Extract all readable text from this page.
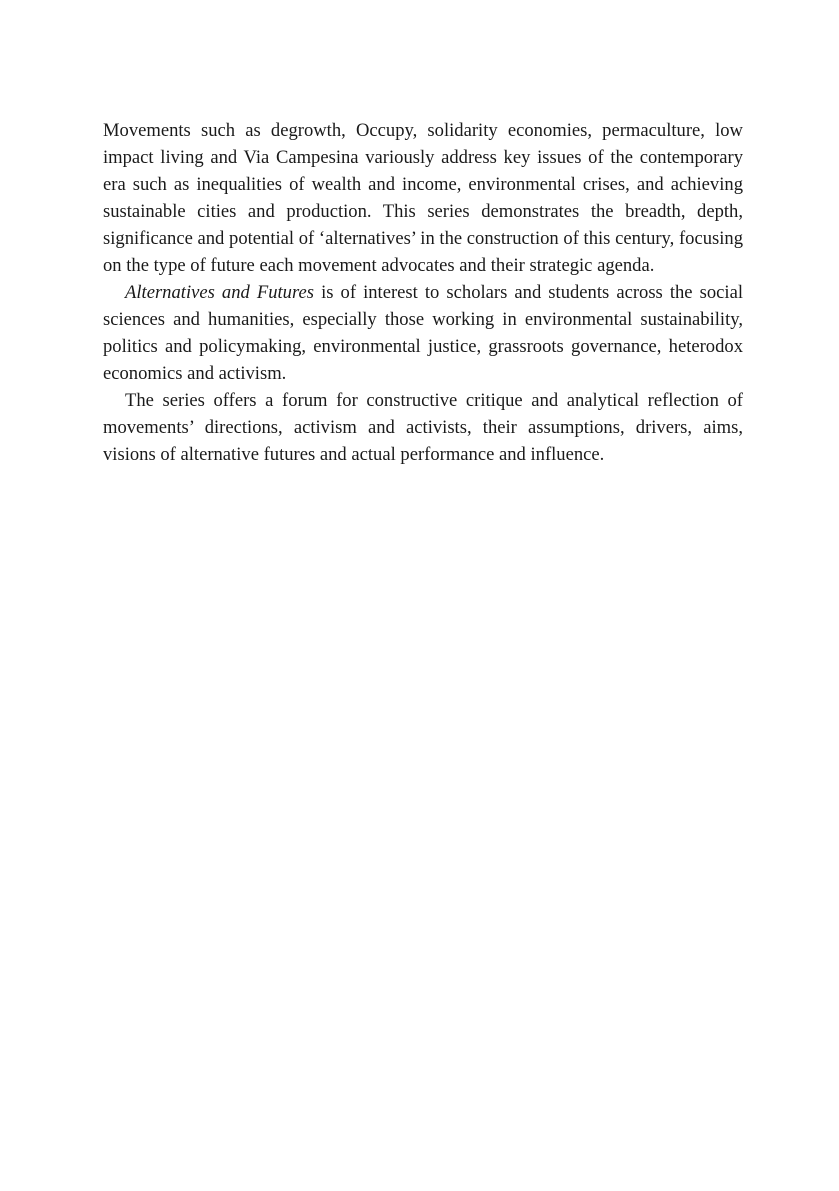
Movements such as degrowth, Occupy, solidarity economies, permaculture, low impact living and Via Campesina variously address key issues of the contemporary era such as inequalities of wealth and income, environmental crises, and achieving sustainable cities and production. This series demonstrates the breadth, depth, significance and potential of ‘alternatives’ in the construction of this century, focusing on the type of future each movement advocates and their strategic agenda.

Alternatives and Futures is of interest to scholars and students across the social sciences and humanities, especially those working in environmental sustainability, politics and policymaking, environmental justice, grassroots governance, heterodox economics and activism.

The series offers a forum for constructive critique and analytical reflection of movements’ directions, activism and activists, their assumptions, drivers, aims, visions of alternative futures and actual performance and influence.
